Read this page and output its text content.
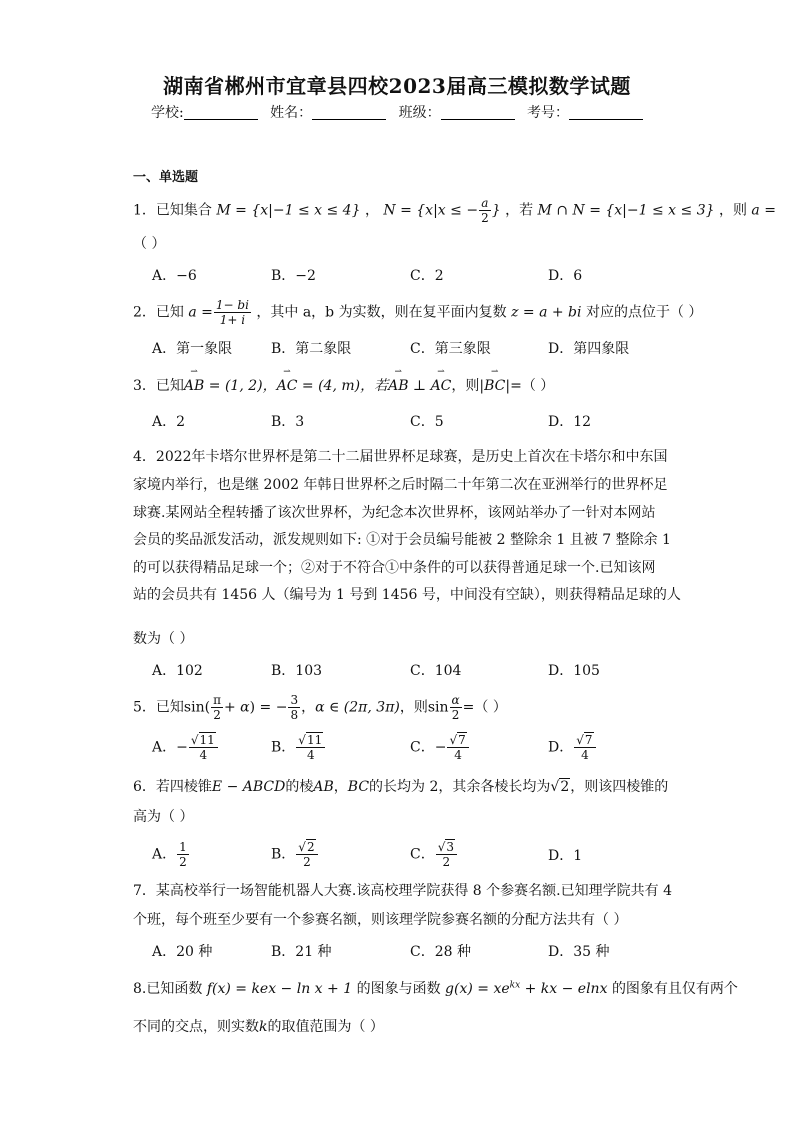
湖南省郴州市宜章县四校2023届高三模拟数学试题
学校:	姓名：	班级：	考号：
一、单选题
1．已知集合 M = {x|−1 ≤ x ≤ 4} ， N = {x|x ≤ − $\frac{a}{2}$ } ，若 M ∩ N = {x|−1 ≤ x ≤ 3} ，则 a =
（ ）
A．−6	B．−2	C．2	D．6
2．已知 $a = \frac{1- bi}{1+ i}$ ，其中 a，b 为实数，则在复平面内复数 z = a + bi 对应的点位于（ ）
A．第一象限	B．第二象限	C．第三象限	D．第四象限
3．已知⇀ AB = (1, 2)，⇀ AC = (4, m)，若⇀ AB ⊥ ⇀ AC，则|⇀ BC|=（ ）
A．2	B．3	C．5	D．12
4．2022年卡塔尔世界杯是第二十二届世界杯足球赛，是历史上首次在卡塔尔和中东国
家境内举行，也是继 2002 年韩日世界杯之后时隔二十年第二次在亚洲举行的世界杯足
球赛.某网站全程转播了该次世界杯，为纪念本次世界杯，该网站举办了一针对本网站
会员的奖品派发活动，派发规则如下: ①对于会员编号能被 2 整除余 1 且被 7 整除余 1
的可以获得精品足球一个；②对于不符合①中条件的可以获得普通足球一个.已知该网
站的会员共有 1456 人（编号为 1 号到 1456 号，中间没有空缺），则获得精品足球的人
数为（ ）
A．102	B．103	C．104	D．105
5．已知$\sin( \frac{\pi}{2} + \alpha)$ = − $\frac{3}{8}$ ，α ∈ (2π, 3π)，则$\sin \frac{\alpha}{2}$ =（ ）
A．− $\frac{√11}{4}$	B． $\frac{√11}{4}$	C．− $\frac{√7}{4}$	D． $\frac{√7}{4}$
6．若四棱锥E − ABCD的棱AB，BC的长均为 2，其余各棱长均为√2，则该四棱锥的
高为（ ）
A． $\frac{1}{2}$	B． $\frac{√2}{2}$	C． $\frac{√3}{2}$	D．1
7．某高校举行一场智能机器人大赛.该高校理学院获得 8 个参赛名额.已知理学院共有 4
个班，每个班至少要有一个参赛名额，则该理学院参赛名额的分配方法共有（ ）
A．20 种	B．21 种	C．28 种	D．35 种
8.已知函数 f(x) = kex − ln x + 1 的图象与函数 $g(x) = xe^{kx}$ + kx − elnx 的图象有且仅有两个
不同的交点，则实数k的取值范围为（ ）
